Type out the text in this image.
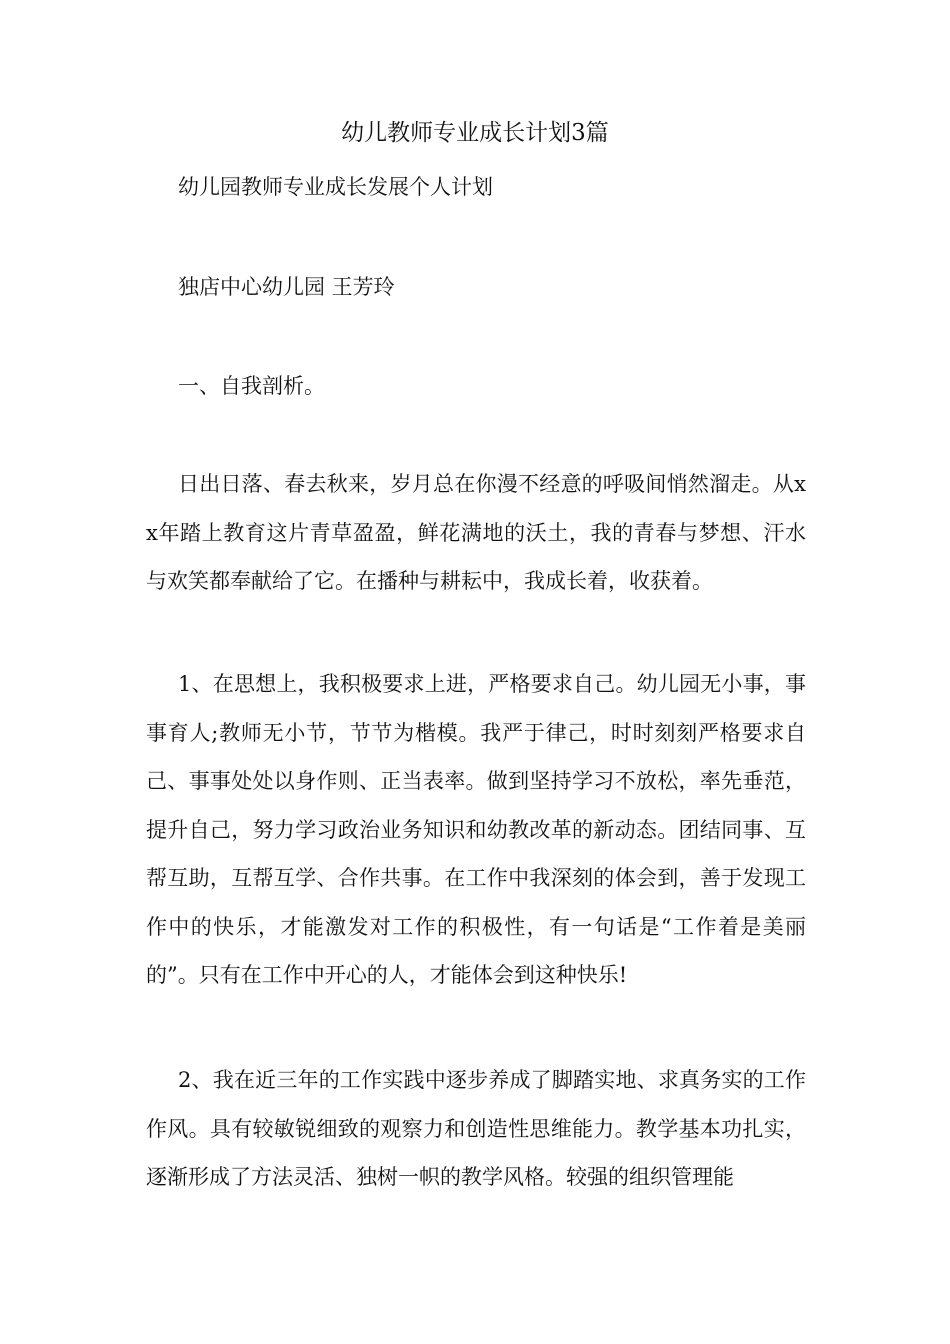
幼儿教师专业成长计划3篇

幼儿园教师专业成长发展个人计划

独店中心幼儿园 王芳玲

一、自我剖析。

日出日落、春去秋来，岁月总在你漫不经意的呼吸间悄然溜走。从xx年踏上教育这片青草盈盈，鲜花满地的沃土，我的青春与梦想、汗水与欢笑都奉献给了它。在播种与耕耘中，我成长着，收获着。

1、在思想上，我积极要求上进，严格要求自己。幼儿园无小事，事事育人;教师无小节，节节为楷模。我严于律己，时时刻刻严格要求自己、事事处处以身作则、正当表率。做到坚持学习不放松，率先垂范，提升自己，努力学习政治业务知识和幼教改革的新动态。团结同事、互帮互助，互帮互学、合作共事。在工作中我深刻的体会到，善于发现工作中的快乐，才能激发对工作的积极性，有一句话是“工作着是美丽的”。只有在工作中开心的人，才能体会到这种快乐!

2、我在近三年的工作实践中逐步养成了脚踏实地、求真务实的工作作风。具有较敏锐细致的观察力和创造性思维能力。教学基本功扎实，逐渐形成了方法灵活、独树一帜的教学风格。较强的组织管理能
